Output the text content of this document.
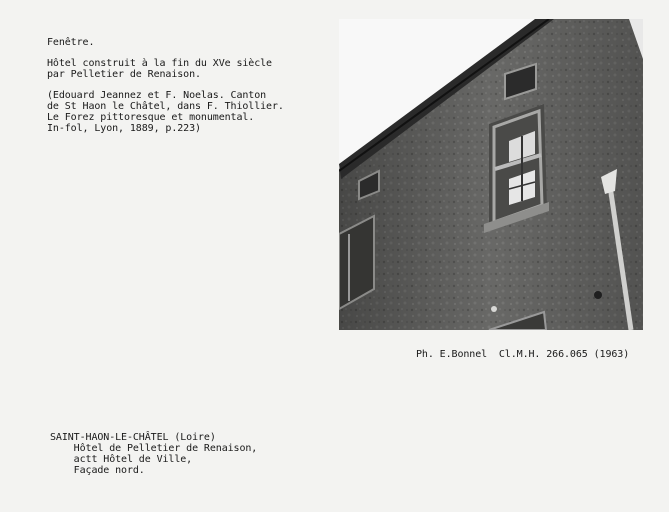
Fenêtre.
Hôtel construit à la fin du XVe siècle
par Pelletier de Renaison.
(Edouard Jeannez et F. Noelas. Canton
de St Haon le Châtel, dans F. Thiollier.
Le Forez pittoresque et monumental.
In-fol, Lyon, 1889, p.223)
Ph. E.Bonnel  Cl.M.H. 266.065 (1963)
SAINT-HAON-LE-CHÂTEL (Loire)
Hôtel de Pelletier de Renaison,
actt Hôtel de Ville,
Façade nord.
